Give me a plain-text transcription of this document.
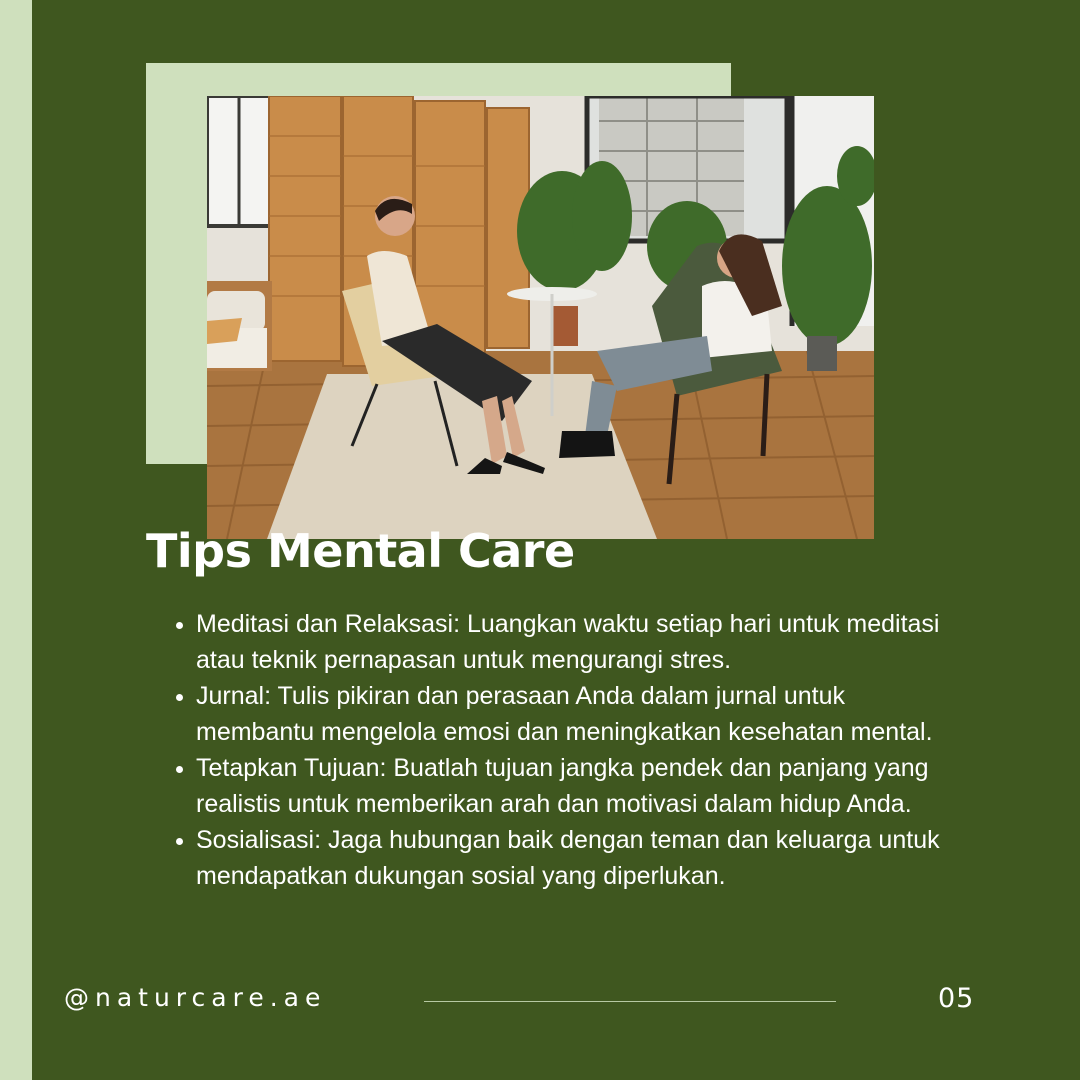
Tips Mental Care
• Meditasi dan Relaksasi: Luangkan waktu setiap hari untuk meditasi atau teknik pernapasan untuk mengurangi stres.
• Jurnal: Tulis pikiran dan perasaan Anda dalam jurnal untuk membantu mengelola emosi dan meningkatkan kesehatan mental.
• Tetapkan Tujuan: Buatlah tujuan jangka pendek dan panjang yang realistis untuk memberikan arah dan motivasi dalam hidup Anda.
• Sosialisasi: Jaga hubungan baik dengan teman dan keluarga untuk mendapatkan dukungan sosial yang diperlukan.
@naturcare.ae	05
